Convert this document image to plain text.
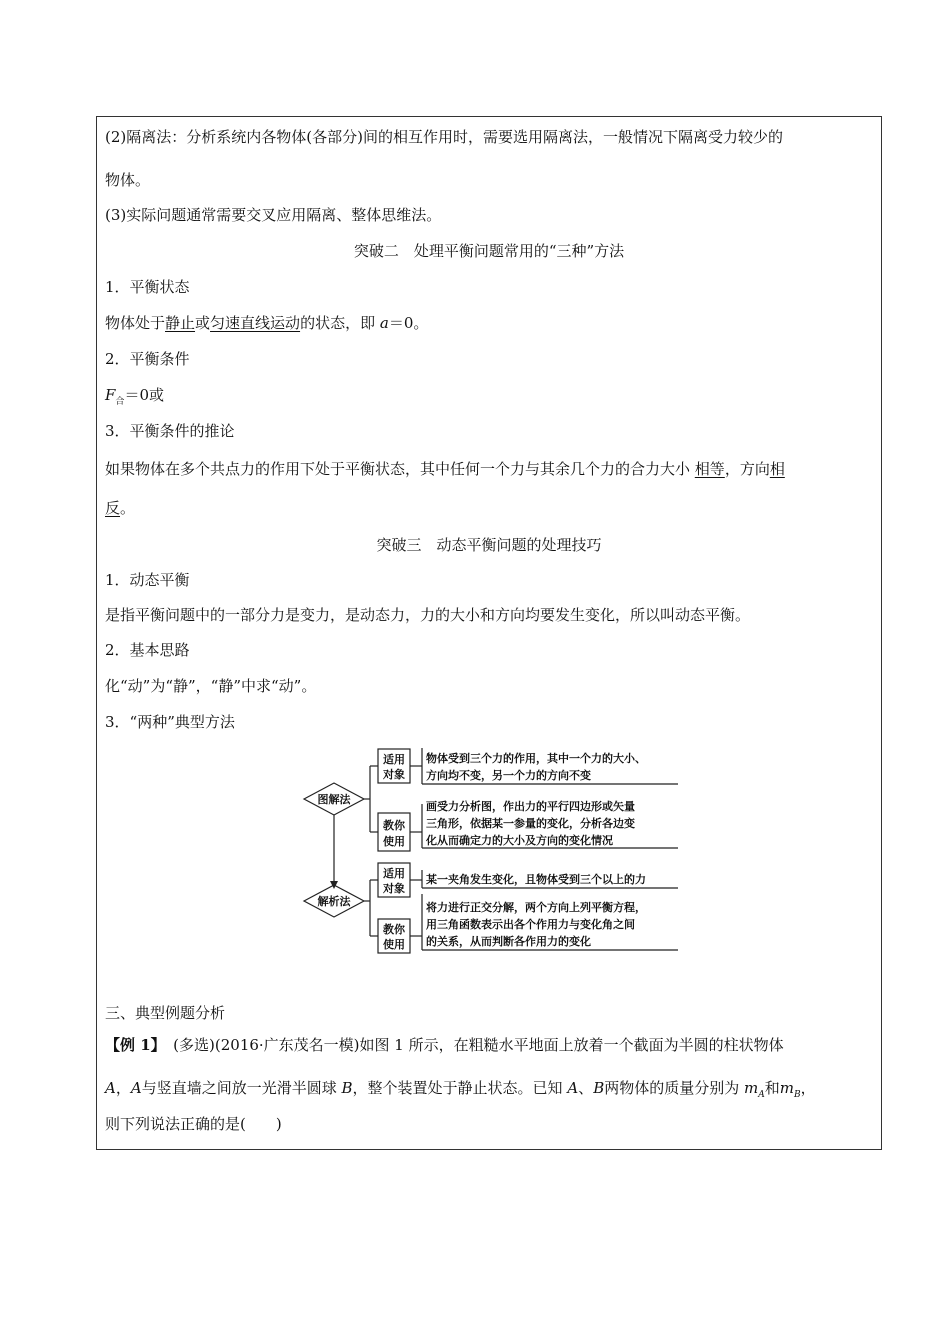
(2)隔离法：分析系统内各物体(各部分)间的相互作用时，需要选用隔离法，一般情况下隔离受力较少的
物体。
(3)实际问题通常需要交叉应用隔离、整体思维法。
突破二　处理平衡问题常用的“三种”方法
1．平衡状态
物体处于静止或匀速直线运动的状态，即 a＝0。
2．平衡条件
$F_合=0$或
3．平衡条件的推论
如果物体在多个共点力的作用下处于平衡状态，其中任何一个力与其余几个力的合力大小 相等，方向相
反。
突破三　动态平衡问题的处理技巧
1．动态平衡
是指平衡问题中的一部分力是变力，是动态力，力的大小和方向均要发生变化，所以叫动态平衡。
2．基本思路
化“动”为“静”，“静”中求“动”。
3．“两种”典型方法
图解法
解析法
适用
对象
教你
使用
适用
对象
教你
使用
物体受到三个力的作用，其中一个力的大小、
方向均不变，另一个力的方向不变
画受力分析图，作出力的平行四边形或矢量
三角形，依据某一参量的变化，分析各边变
化从而确定力的大小及方向的变化情况
某一夹角发生变化，且物体受到三个以上的力
将力进行正交分解，两个方向上列平衡方程，
用三角函数表示出各个作用力与变化角之间
的关系，从而判断各作用力的变化
三、典型例题分析
【例 1】　(多选)(2016·广东茂名一模)如图 1 所示，在粗糙水平地面上放着一个截面为半圆的柱状物体
A，A与竖直墙之间放一光滑半圆球 B，整个装置处于静止状态。已知 A、B两物体的质量分别为 $m_A$和$m_B$，
则下列说法正确的是(　　)
